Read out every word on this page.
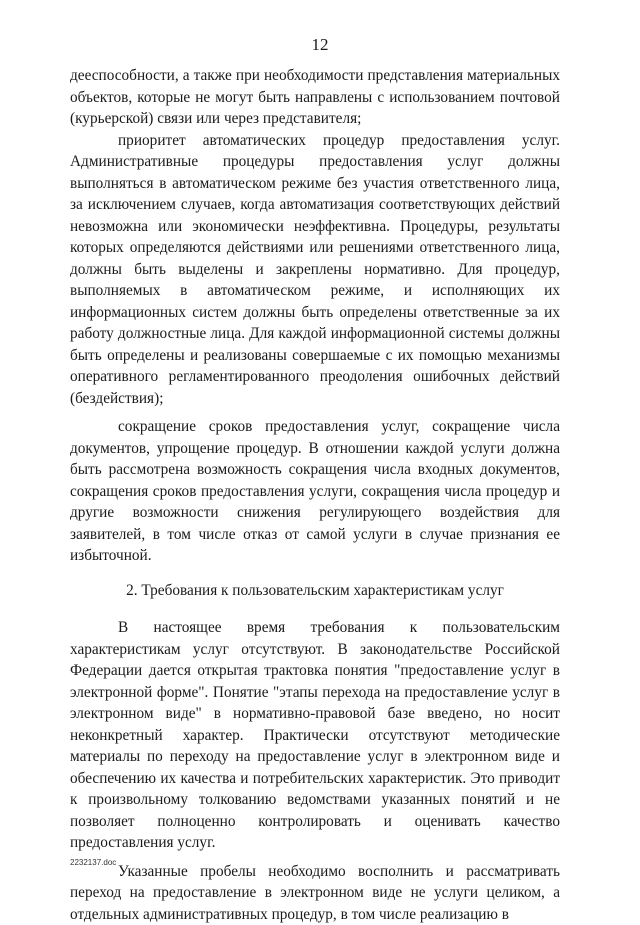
12

дееспособности, а также при необходимости представления материальных объектов, которые не могут быть направлены с использованием почтовой (курьерской) связи или через представителя;

приоритет автоматических процедур предоставления услуг. Административные процедуры предоставления услуг должны выполняться в автоматическом режиме без участия ответственного лица, за исключением случаев, когда автоматизация соответствующих действий невозможна или экономически неэффективна. Процедуры, результаты которых определяются действиями или решениями ответственного лица, должны быть выделены и закреплены нормативно. Для процедур, выполняемых в автоматическом режиме, и исполняющих их информационных систем должны быть определены ответственные за их работу должностные лица. Для каждой информационной системы должны быть определены и реализованы совершаемые с их помощью механизмы оперативного регламентированного преодоления ошибочных действий (бездействия);

сокращение сроков предоставления услуг, сокращение числа документов, упрощение процедур. В отношении каждой услуги должна быть рассмотрена возможность сокращения числа входных документов, сокращения сроков предоставления услуги, сокращения числа процедур и другие возможности снижения регулирующего воздействия для заявителей, в том числе отказ от самой услуги в случае признания ее избыточной.

2. Требования к пользовательским характеристикам услуг

В настоящее время требования к пользовательским характеристикам услуг отсутствуют. В законодательстве Российской Федерации дается открытая трактовка понятия "предоставление услуг в электронной форме". Понятие "этапы перехода на предоставление услуг в электронном виде" в нормативно-правовой базе введено, но носит неконкретный характер. Практически отсутствуют методические материалы по переходу на предоставление услуг в электронном виде и обеспечению их качества и потребительских характеристик. Это приводит к произвольному толкованию ведомствами указанных понятий и не позволяет полноценно контролировать и оценивать качество предоставления услуг.

Указанные пробелы необходимо восполнить и рассматривать переход на предоставление в электронном виде не услуги целиком, а отдельных административных процедур, в том числе реализацию в

2232137.doc
